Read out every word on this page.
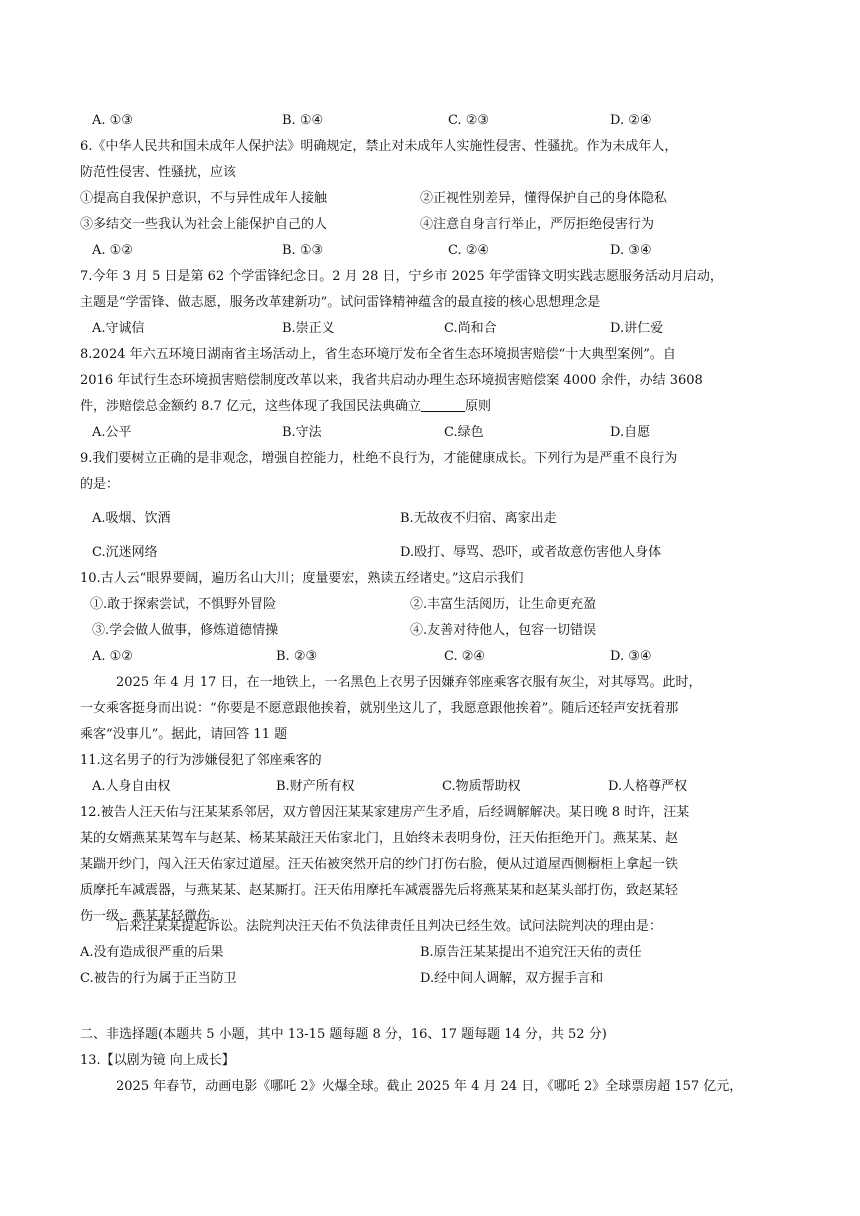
A. ①③	B. ①④	C. ②③	D. ②④
6.《中华人民共和国未成年人保护法》明确规定，禁止对未成年人实施性侵害、性骚扰。作为未成年人，
防范性侵害、性骚扰，应该
①提高自我保护意识，不与异性成年人接触	②正视性别差异，懂得保护自己的身体隐私
③多结交一些我认为社会上能保护自己的人	④注意自身言行举止，严厉拒绝侵害行为
A. ①②	B. ①③	C. ②④	D. ③④
7.今年 3 月 5 日是第 62 个学雷锋纪念日。2 月 28 日，宁乡市 2025 年学雷锋文明实践志愿服务活动月启动，
主题是“学雷锋、做志愿，服务改革建新功”。试问雷锋精神蕴含的最直接的核心思想理念是
A.守诚信	B.崇正义	C.尚和合	D.讲仁爱
8.2024 年六五环境日湖南省主场活动上，省生态环境厅发布全省生态环境损害赔偿“十大典型案例”。自
2016 年试行生态环境损害赔偿制度改革以来，我省共启动办理生态环境损害赔偿案 4000 余件，办结 3608
件，涉赔偿总金额约 8.7 亿元，这些体现了我国民法典确立	原则
A.公平	B.守法	C.绿色	D.自愿
9.我们要树立正确的是非观念，增强自控能力，杜绝不良行为，才能健康成长。下列行为是严重不良行为
的是：
A.吸烟、饮酒	B.无故夜不归宿、离家出走
C.沉迷网络	D.殴打、辱骂、恐吓，或者故意伤害他人身体
10.古人云“眼界要阔，遍历名山大川；度量要宏，熟读五经诸史。”这启示我们
①.敢于探索尝试，不惧野外冒险	②.丰富生活阅历，让生命更充盈
③.学会做人做事，修炼道德情操	④.友善对待他人，包容一切错误
A. ①②	B. ②③	C. ②④	D. ③④
2025 年 4 月 17 日，在一地铁上，一名黑色上衣男子因嫌弃邻座乘客衣服有灰尘，对其辱骂。此时，
一女乘客挺身而出说：“你要是不愿意跟他挨着，就别坐这儿了，我愿意跟他挨着”。随后还轻声安抚着那
乘客“没事儿”。据此，请回答 11 题
11.这名男子的行为涉嫌侵犯了邻座乘客的
A.人身自由权	B.财产所有权	C.物质帮助权	D.人格尊严权
12.被告人汪天佑与汪某某系邻居，双方曾因汪某某家建房产生矛盾，后经调解解决。某日晚 8 时许，汪某
某的女婿燕某某驾车与赵某、杨某某敲汪天佑家北门，且始终未表明身份，汪天佑拒绝开门。燕某某、赵
某踹开纱门，闯入汪天佑家过道屋。汪天佑被突然开启的纱门打伤右脸，便从过道屋西侧橱柜上拿起一铁
质摩托车减震器，与燕某某、赵某厮打。汪天佑用摩托车减震器先后将燕某某和赵某头部打伤，致赵某轻
伤一级、燕某某轻微伤。
后来汪某某提起诉讼。法院判决汪天佑不负法律责任且判决已经生效。试问法院判决的理由是：
A.没有造成很严重的后果	B.原告汪某某提出不追究汪天佑的责任
C.被告的行为属于正当防卫	D.经中间人调解，双方握手言和
二、非选择题(本题共 5 小题，其中 13-15 题每题 8 分，16、17 题每题 14 分，共 52 分)
13.【以剧为镜 向上成长】
2025 年春节，动画电影《哪吒 2》火爆全球。截止 2025 年 4 月 24 日，《哪吒 2》全球票房超 157 亿元，
